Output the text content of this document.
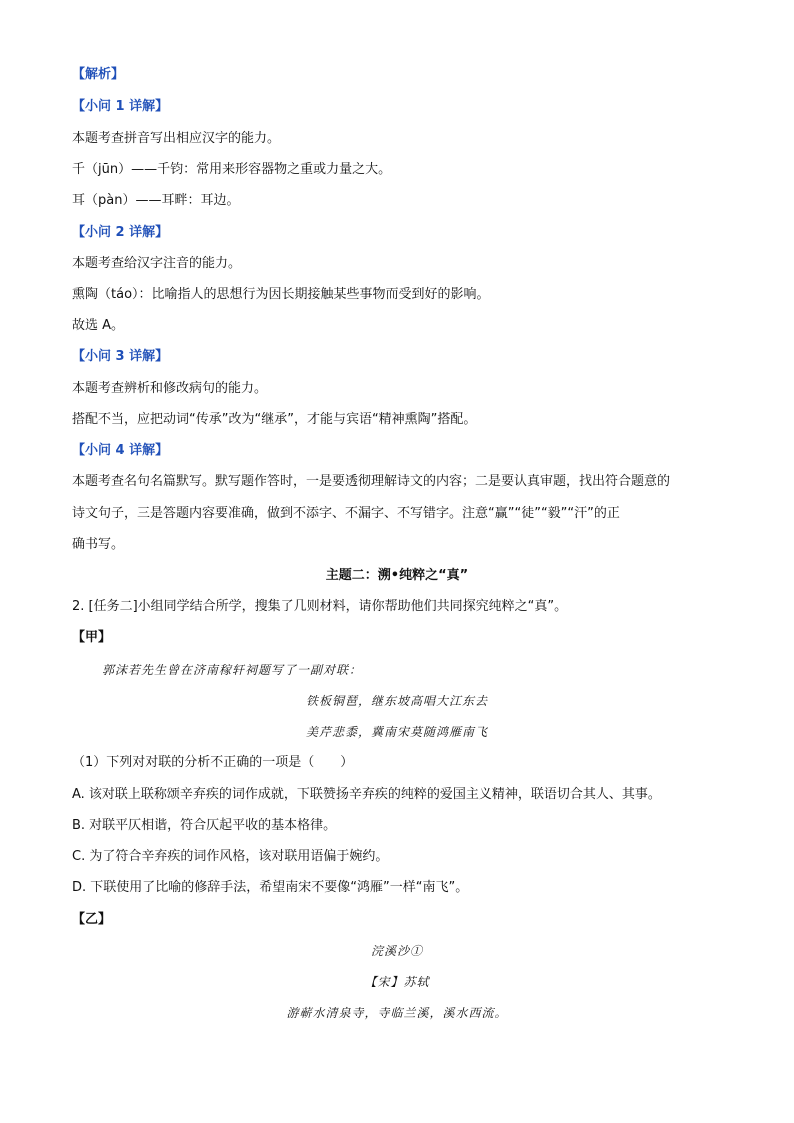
【解析】
【小问 1 详解】
本题考查拼音写出相应汉字的能力。
千（jūn）——千钧：常用来形容器物之重或力量之大。
耳（pàn）——耳畔：耳边。
【小问 2 详解】
本题考查给汉字注音的能力。
熏陶（táo）：比喻指人的思想行为因长期接触某些事物而受到好的影响。
故选 A。
【小问 3 详解】
本题考查辨析和修改病句的能力。
搭配不当，应把动词“传承”改为“继承”，才能与宾语“精神熏陶”搭配。
【小问 4 详解】
本题考查名句名篇默写。默写题作答时，一是要透彻理解诗文的内容；二是要认真审题，找出符合题意的
诗文句子，三是答题内容要准确，做到不添字、不漏字、不写错字。注意“赢”“徒”“毅”“汗”的正
确书写。
主题二：溯•纯粹之“真”
2. [任务二]小组同学结合所学，搜集了几则材料，请你帮助他们共同探究纯粹之“真”。
【甲】
郭沫若先生曾在济南稼轩祠题写了一副对联：
铁板铜琶，继东坡高唱大江东去
美芹悲黍，冀南宋莫随鸿雁南飞
（1）下列对对联的分析不正确的一项是（　　）
A. 该对联上联称颂辛弃疾的词作成就，下联赞扬辛弃疾的纯粹的爱国主义精神，联语切合其人、其事。
B. 对联平仄相谐，符合仄起平收的基本格律。
C. 为了符合辛弃疾的词作风格，该对联用语偏于婉约。
D. 下联使用了比喻的修辞手法，希望南宋不要像“鸿雁”一样“南飞”。
【乙】
浣溪沙①
【宋】苏轼
游蕲水清泉寺，寺临兰溪，溪水西流。
